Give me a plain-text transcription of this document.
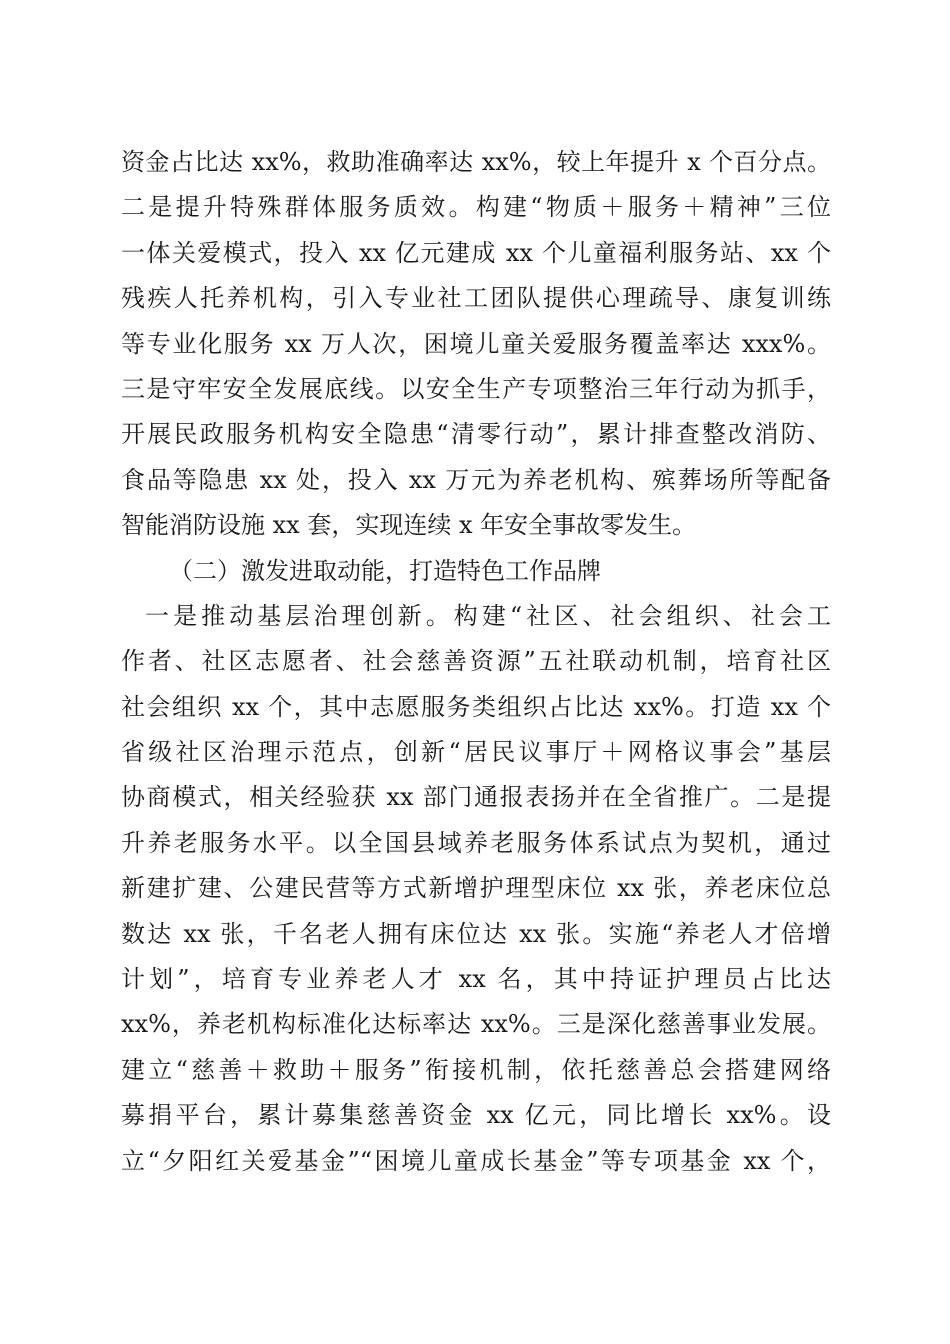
资金占比达 xx%，救助准确率达 xx%，较上年提升 x 个百分点。
二是提升特殊群体服务质效。构建“物质＋服务＋精神”三位
一体关爱模式，投入 xx 亿元建成 xx 个儿童福利服务站、xx 个
残疾人托养机构，引入专业社工团队提供心理疏导、康复训练
等专业化服务 xx 万人次，困境儿童关爱服务覆盖率达 xxx%。
三是守牢安全发展底线。以安全生产专项整治三年行动为抓手，
开展民政服务机构安全隐患“清零行动”，累计排查整改消防、
食品等隐患 xx 处，投入 xx 万元为养老机构、殡葬场所等配备
智能消防设施 xx 套，实现连续 x 年安全事故零发生。
（二）激发进取动能，打造特色工作品牌
一是推动基层治理创新。构建“社区、社会组织、社会工
作者、社区志愿者、社会慈善资源”五社联动机制，培育社区
社会组织 xx 个，其中志愿服务类组织占比达 xx%。打造 xx 个
省级社区治理示范点，创新“居民议事厅＋网格议事会”基层
协商模式，相关经验获 xx 部门通报表扬并在全省推广。二是提
升养老服务水平。以全国县域养老服务体系试点为契机，通过
新建扩建、公建民营等方式新增护理型床位 xx 张，养老床位总
数达 xx 张，千名老人拥有床位达 xx 张。实施“养老人才倍增
计划”，培育专业养老人才 xx 名，其中持证护理员占比达
xx%，养老机构标准化达标率达 xx%。三是深化慈善事业发展。
建立“慈善＋救助＋服务”衔接机制，依托慈善总会搭建网络
募捐平台，累计募集慈善资金 xx 亿元，同比增长 xx%。设
立“夕阳红关爱基金”“困境儿童成长基金”等专项基金 xx 个，
